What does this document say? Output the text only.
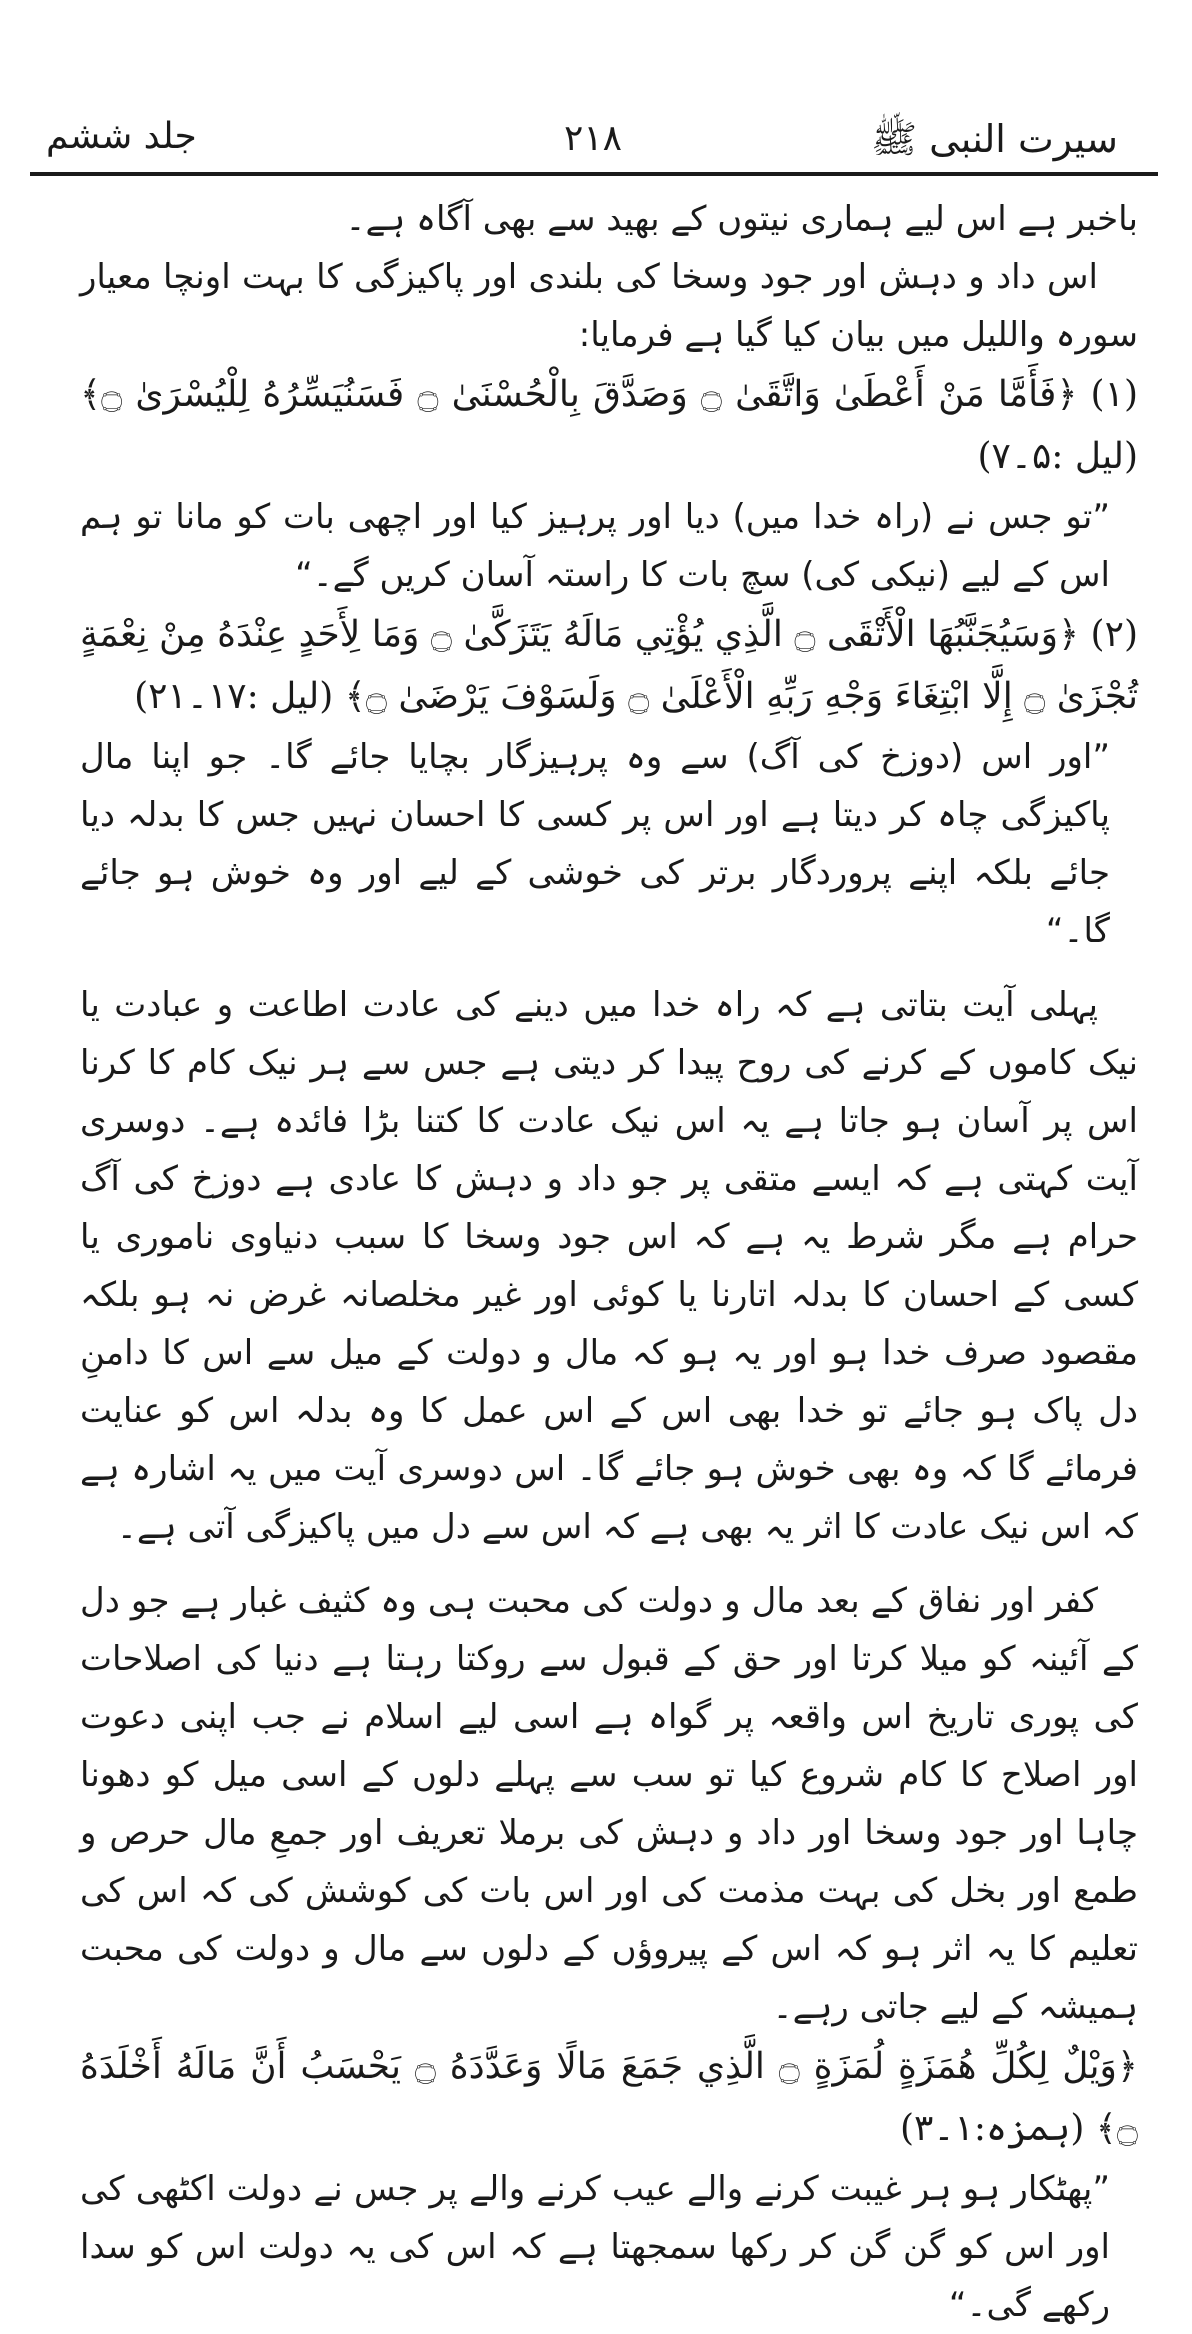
سیرت النبی ﷺ
۲۱۸
جلد ششم

باخبر ہے اس لیے ہماری نیتوں کے بھید سے بھی آگاہ ہے۔

اس داد و دہش اور جود وسخا کی بلندی اور پاکیزگی کا بہت اونچا معیار سورہ واللیل میں بیان کیا گیا ہے فرمایا:

(۱) ﴿فَأَمَّا مَنْ أَعْطَىٰ وَاتَّقَىٰ ۝ وَصَدَّقَ بِالْحُسْنَىٰ ۝ فَسَنُيَسِّرُهُ لِلْيُسْرَىٰ ۝﴾ (لیل :۵۔۷)

”تو جس نے (راہ خدا میں) دیا اور پرہیز کیا اور اچھی بات کو مانا تو ہم اس کے لیے (نیکی کی) سچ بات کا راستہ آسان کریں گے۔“

(۲) ﴿وَسَيُجَنَّبُهَا الْأَتْقَى ۝ الَّذِي يُؤْتِي مَالَهُ يَتَزَكَّىٰ ۝ وَمَا لِأَحَدٍ عِنْدَهُ مِنْ نِعْمَةٍ تُجْزَىٰ ۝ إِلَّا ابْتِغَاءَ وَجْهِ رَبِّهِ الْأَعْلَىٰ ۝ وَلَسَوْفَ يَرْضَىٰ ۝﴾ (لیل :۱۷۔۲۱)

”اور اس (دوزخ کی آگ) سے وہ پرہیزگار بچایا جائے گا۔ جو اپنا مال پاکیزگی چاہ کر دیتا ہے اور اس پر کسی کا احسان نہیں جس کا بدلہ دیا جائے بلکہ اپنے پروردگار برتر کی خوشی کے لیے اور وہ خوش ہو جائے گا۔“

پہلی آیت بتاتی ہے کہ راہ خدا میں دینے کی عادت اطاعت و عبادت یا نیک کاموں کے کرنے کی روح پیدا کر دیتی ہے جس سے ہر نیک کام کا کرنا اس پر آسان ہو جاتا ہے یہ اس نیک عادت کا کتنا بڑا فائدہ ہے۔ دوسری آیت کہتی ہے کہ ایسے متقی پر جو داد و دہش کا عادی ہے دوزخ کی آگ حرام ہے مگر شرط یہ ہے کہ اس جود وسخا کا سبب دنیاوی ناموری یا کسی کے احسان کا بدلہ اتارنا یا کوئی اور غیر مخلصانہ غرض نہ ہو بلکہ مقصود صرف خدا ہو اور یہ ہو کہ مال و دولت کے میل سے اس کا دامنِ دل پاک ہو جائے تو خدا بھی اس کے اس عمل کا وہ بدلہ اس کو عنایت فرمائے گا کہ وہ بھی خوش ہو جائے گا۔ اس دوسری آیت میں یہ اشارہ ہے کہ اس نیک عادت کا اثر یہ بھی ہے کہ اس سے دل میں پاکیزگی آتی ہے۔

کفر اور نفاق کے بعد مال و دولت کی محبت ہی وہ کثیف غبار ہے جو دل کے آئینہ کو میلا کرتا اور حق کے قبول سے روکتا رہتا ہے دنیا کی اصلاحات کی پوری تاریخ اس واقعہ پر گواہ ہے اسی لیے اسلام نے جب اپنی دعوت اور اصلاح کا کام شروع کیا تو سب سے پہلے دلوں کے اسی میل کو دھونا چاہا اور جود وسخا اور داد و دہش کی برملا تعریف اور جمعِ مال حرص و طمع اور بخل کی بہت مذمت کی اور اس بات کی کوشش کی کہ اس کی تعلیم کا یہ اثر ہو کہ اس کے پیروؤں کے دلوں سے مال و دولت کی محبت ہمیشہ کے لیے جاتی رہے۔

﴿وَيْلٌ لِكُلِّ هُمَزَةٍ لُمَزَةٍ ۝ الَّذِي جَمَعَ مَالًا وَعَدَّدَهُ ۝ يَحْسَبُ أَنَّ مَالَهُ أَخْلَدَهُ ۝﴾ (ہمزہ:۱۔۳)

”پھٹکار ہو ہر غیبت کرنے والے عیب کرنے والے پر جس نے دولت اکٹھی کی اور اس کو گن گن کر رکھا سمجھتا ہے کہ اس کی یہ دولت اس کو سدا رکھے گی۔“
